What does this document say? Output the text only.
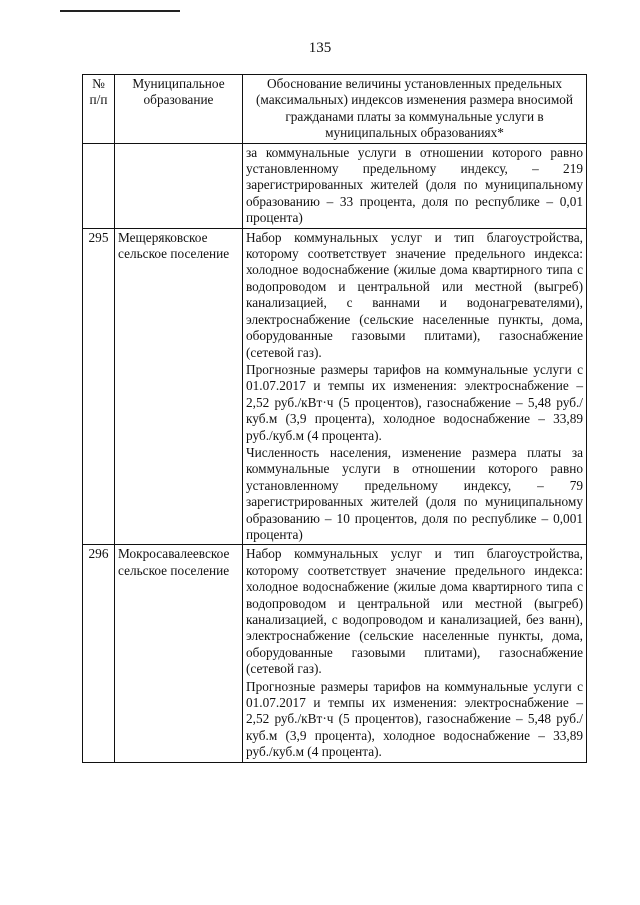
135
№
п/п	Муниципальное образование	Обоснование величины установленных предельных (максимальных) индексов изменения размера вносимой гражданами платы за коммунальные услуги в муниципальных образованиях*

		за коммунальные услуги в отношении которого равно установленному предельному индексу, – 219 зарегистрированных жителей (доля по муниципальному образованию – 33 процента, доля по республике – 0,01 процента)

295	Мещеряковское сельское поселение	Набор коммунальных услуг и тип благоустройства, которому соответствует значение предельного индекса: холодное водоснабжение (жилые дома квартирного типа с водопроводом и центральной или местной (выгреб) канализацией, с ваннами и водонагревателями), электроснабжение (сельские населенные пункты, дома, оборудованные газовыми плитами), газоснабжение (сетевой газ).

Прогнозные размеры тарифов на коммунальные услуги с 01.07.2017 и темпы их изменения: электроснабжение – 2,52 руб./кВт·ч (5 процентов), газоснабжение – 5,48 руб./куб.м (3,9 процента), холодное водоснабжение – 33,89 руб./куб.м (4 процента).

Численность населения, изменение размера платы за коммунальные услуги в отношении которого равно установленному предельному индексу, – 79 зарегистрированных жителей (доля по муниципальному образованию – 10 процентов, доля по республике – 0,001 процента)

296	Мокросавалеевское сельское поселение	Набор коммунальных услуг и тип благоустройства, которому соответствует значение предельного индекса: холодное водоснабжение (жилые дома квартирного типа с водопроводом и центральной или местной (выгреб) канализацией, с водопроводом и канализацией, без ванн), электроснабжение (сельские населенные пункты, дома, оборудованные газовыми плитами), газоснабжение (сетевой газ).

Прогнозные размеры тарифов на коммунальные услуги с 01.07.2017 и темпы их изменения: электроснабжение – 2,52 руб./кВт·ч (5 процентов), газоснабжение – 5,48 руб./куб.м (3,9 процента), холодное водоснабжение – 33,89 руб./куб.м (4 процента).
